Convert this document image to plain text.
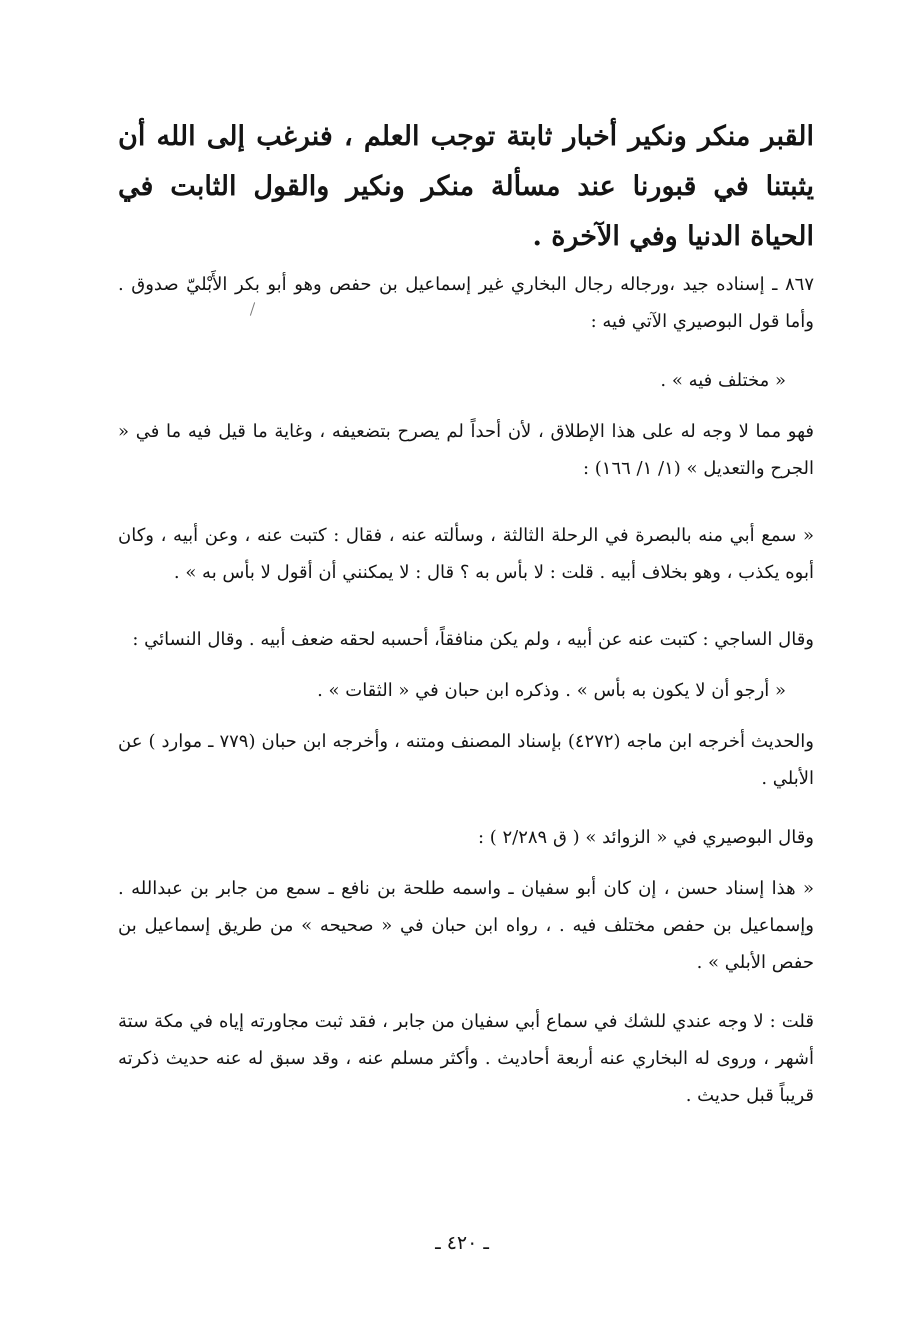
القبر منكر ونكير أخبار ثابتة توجب العلم ، فنرغب إلى الله أن يثبتنا في قبورنا عند مسألة منكر ونكير والقول الثابت في الحياة الدنيا وفي الآخرة .

٨٦٧ ـ إسناده جيد ،ورجاله رجال البخاري غير إسماعيل بن حفص وهو أبو بكر الأَبْليّ صدوق . وأما قول البوصيري الآتي فيه :

« مختلف فيه » .

فهو مما لا وجه له على هذا الإطلاق ، لأن أحداً لم يصرح بتضعيفه ، وغاية ما قيل فيه ما في « الجرح والتعديل » (١/ ١/ ١٦٦) :

« سمع أبي منه بالبصرة في الرحلة الثالثة ، وسألته عنه ، فقال : كتبت عنه ، وعن أبيه ، وكان أبوه يكذب ، وهو بخلاف أبيه . قلت : لا بأس به ؟ قال : لا يمكنني أن أقول لا بأس به » .

وقال الساجي : كتبت عنه عن أبيه ، ولم يكن منافقاً، أحسبه لحقه ضعف أبيه . وقال النسائي :

« أرجو أن لا يكون به بأس » . وذكره ابن حبان في « الثقات » .

والحديث أخرجه ابن ماجه (٤٢٧٢) بإسناد المصنف ومتنه ، وأخرجه ابن حبان (٧٧٩ ـ موارد ) عن الأبلي .

وقال البوصيري في « الزوائد » ( ق ٢/٢٨٩ ) :

« هذا إسناد حسن ، إن كان أبو سفيان ـ واسمه طلحة بن نافع ـ سمع من جابر بن عبدالله . وإسماعيل بن حفص مختلف فيه . ، رواه ابن حبان في « صحيحه » من طريق إسماعيل بن حفص الأبلي » .

قلت : لا وجه عندي للشك في سماع أبي سفيان من جابر ، فقد ثبت مجاورته إياه في مكة ستة أشهر ، وروى له البخاري عنه أربعة أحاديث . وأكثر مسلم عنه ، وقد سبق له عنه حديث ذكرته قريباً قبل حديث .

ـ ٤٢٠ ـ
